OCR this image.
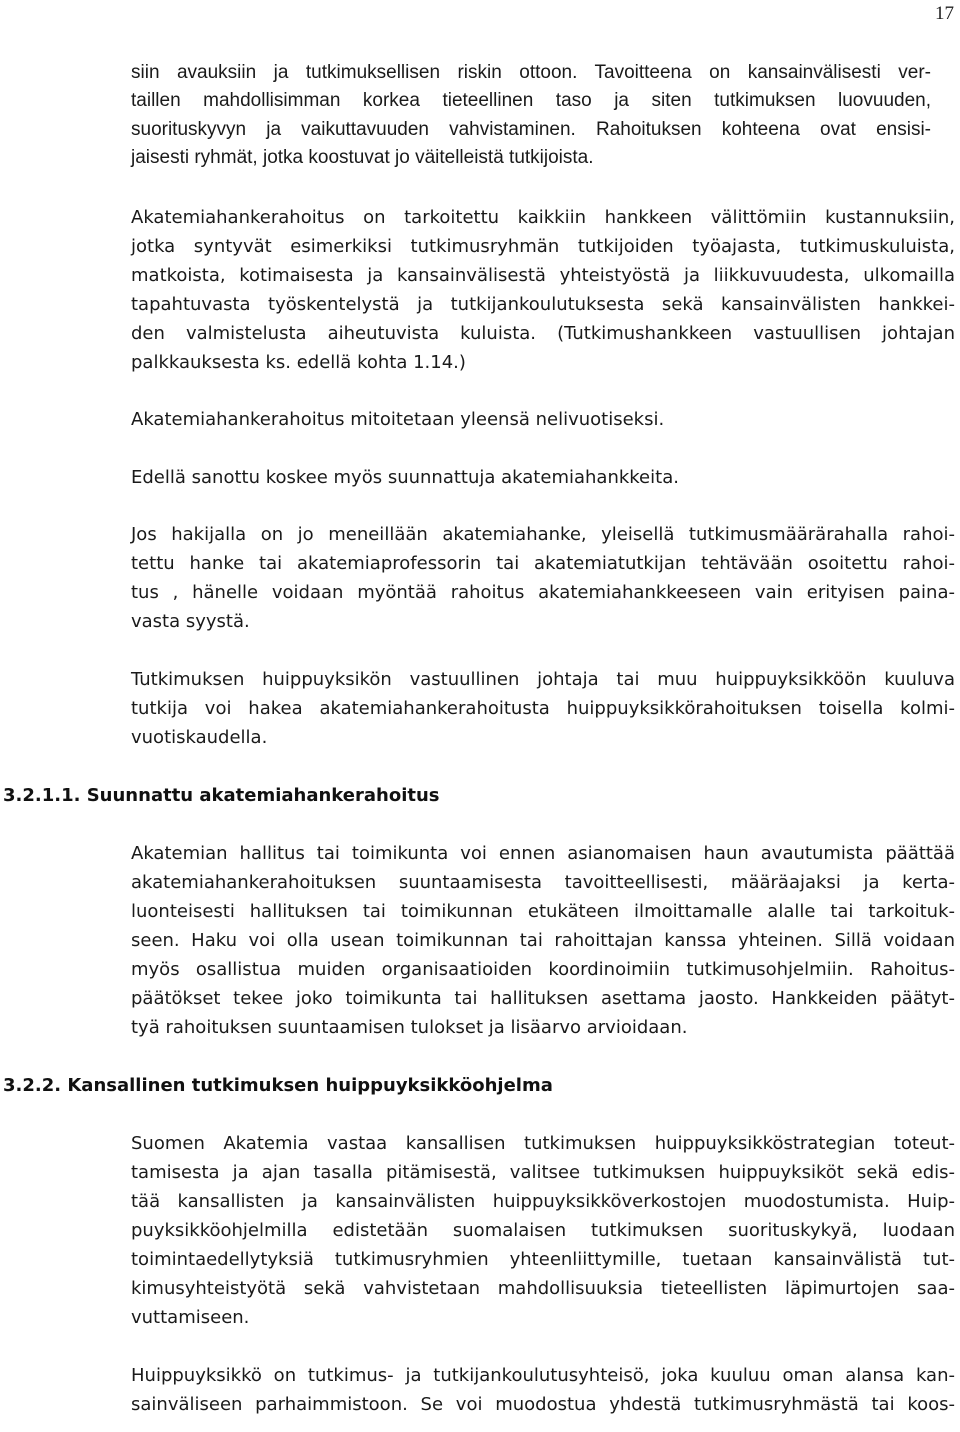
17
siin avauksiin ja tutkimuksellisen riskin ottoon. Tavoitteena on kansainvälisesti ver-
taillen mahdollisimman korkea tieteellinen taso ja siten tutkimuksen luovuuden,
suorituskyvyn ja vaikuttavuuden vahvistaminen. Rahoituksen kohteena ovat ensisi-
jaisesti ryhmät, jotka koostuvat jo väitelleistä tutkijoista.
Akatemiahankerahoitus on tarkoitettu kaikkiin hankkeen välittömiin kustannuksiin,
jotka syntyvät esimerkiksi tutkimusryhmän tutkijoiden työajasta, tutkimuskuluista,
matkoista, kotimaisesta ja kansainvälisestä yhteistyöstä ja liikkuvuudesta, ulkomailla
tapahtuvasta työskentelystä ja tutkijankoulutuksesta sekä kansainvälisten hankkei-
den valmistelusta aiheutuvista kuluista. (Tutkimushankkeen vastuullisen johtajan
palkkauksesta ks. edellä kohta 1.14.)
Akatemiahankerahoitus mitoitetaan yleensä nelivuotiseksi.
Edellä sanottu koskee myös suunnattuja akatemiahankkeita.
Jos hakijalla on jo meneillään akatemiahanke, yleisellä tutkimusmäärärahalla rahoi-
tettu hanke tai akatemiaprofessorin tai akatemiatutkijan tehtävään osoitettu rahoi-
tus , hänelle voidaan myöntää rahoitus akatemiahankkeeseen vain erityisen paina-
vasta syystä.
Tutkimuksen huippuyksikön vastuullinen johtaja tai muu huippuyksikköön kuuluva
tutkija voi hakea akatemiahankerahoitusta huippuyksikkörahoituksen toisella kolmi-
vuotiskaudella.
3.2.1.1. Suunnattu akatemiahankerahoitus
Akatemian hallitus tai toimikunta voi ennen asianomaisen haun avautumista päättää
akatemiahankerahoituksen suuntaamisesta tavoitteellisesti, määräajaksi ja kerta-
luonteisesti hallituksen tai toimikunnan etukäteen ilmoittamalle alalle tai tarkoituk-
seen. Haku voi olla usean toimikunnan tai rahoittajan kanssa yhteinen. Sillä voidaan
myös osallistua muiden organisaatioiden koordinoimiin tutkimusohjelmiin. Rahoitus-
päätökset tekee joko toimikunta tai hallituksen asettama jaosto. Hankkeiden päätyt-
tyä rahoituksen suuntaamisen tulokset ja lisäarvo arvioidaan.
3.2.2. Kansallinen tutkimuksen huippuyksikköohjelma
Suomen Akatemia vastaa kansallisen tutkimuksen huippuyksikköstrategian toteut-
tamisesta ja ajan tasalla pitämisestä, valitsee tutkimuksen huippuyksiköt sekä edis-
tää kansallisten ja kansainvälisten huippuyksikköverkostojen muodostumista. Huip-
puyksikköohjelmilla edistetään suomalaisen tutkimuksen suorituskykyä, luodaan
toimintaedellytyksiä tutkimusryhmien yhteenliittymille, tuetaan kansainvälistä tut-
kimusyhteistyötä sekä vahvistetaan mahdollisuuksia tieteellisten läpimurtojen saa-
vuttamiseen.
Huippuyksikkö on tutkimus- ja tutkijankoulutusyhteisö, joka kuuluu oman alansa kan-
sainväliseen parhaimmistoon. Se voi muodostua yhdestä tutkimusryhmästä tai koos-
